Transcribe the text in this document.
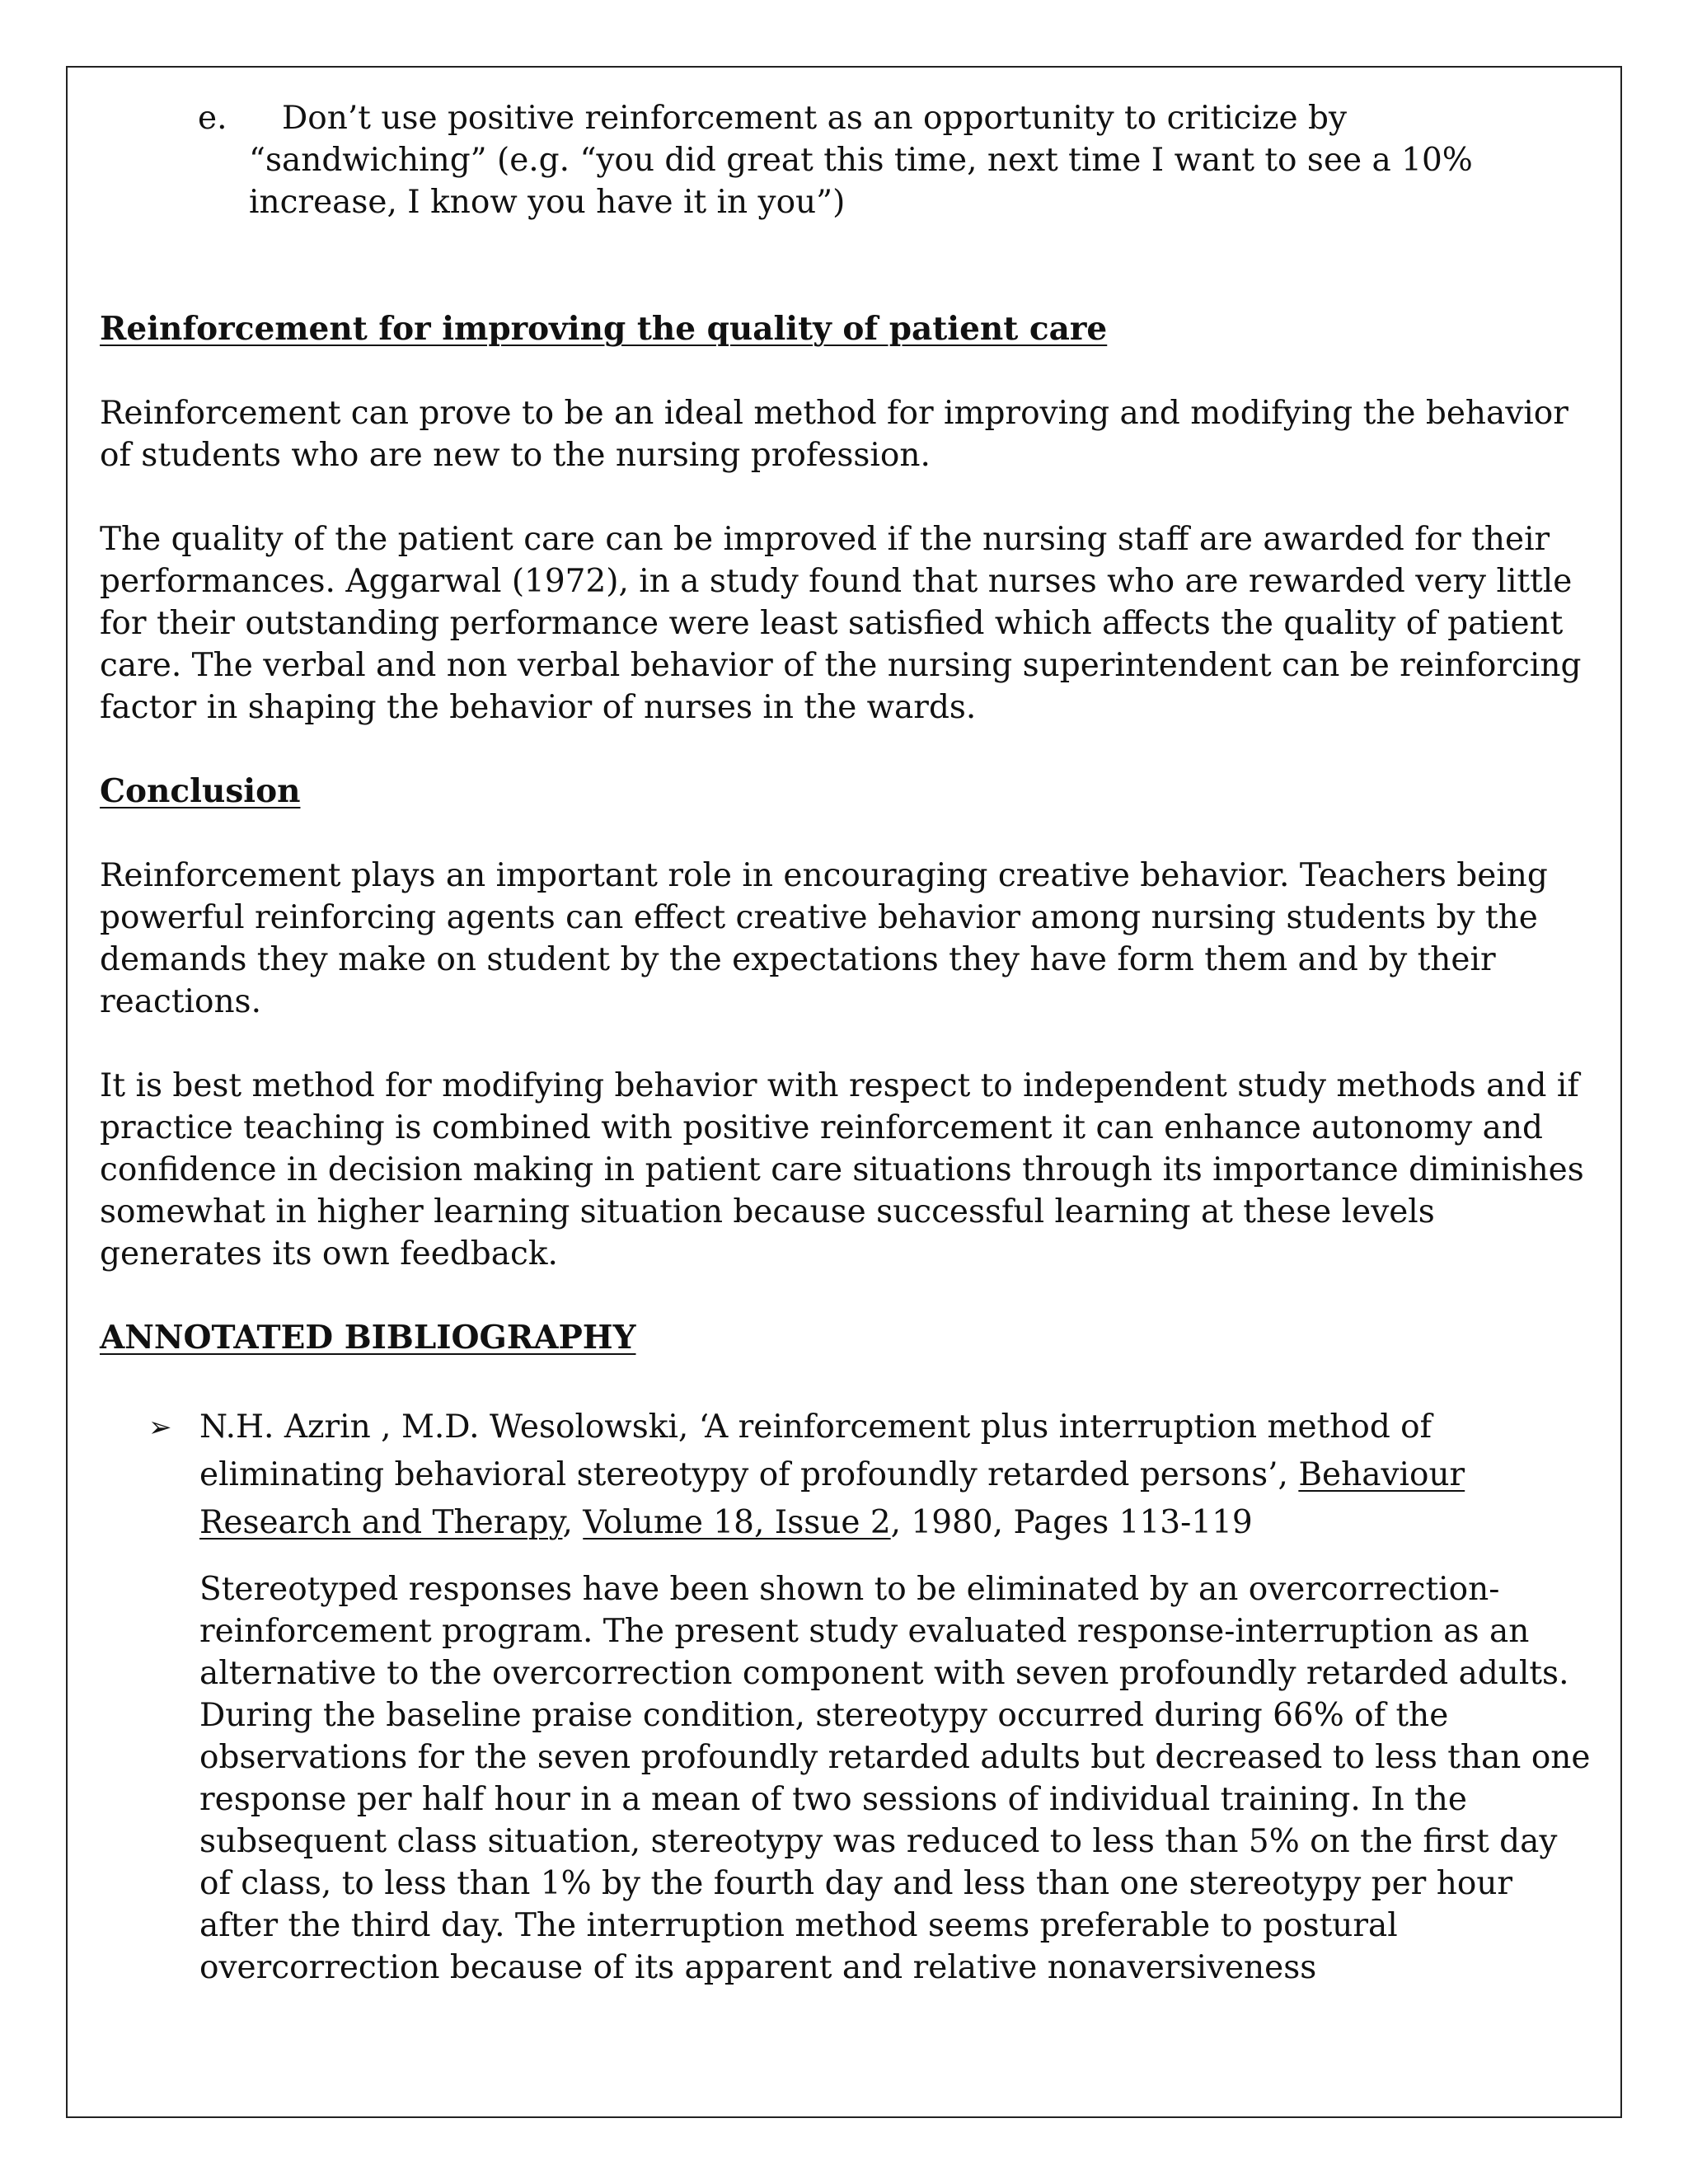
e.	Don’t use positive reinforcement as an opportunity to criticize by “sandwiching” (e.g. “you did great this time, next time I want to see a 10% increase, I know you have it in you”)

Reinforcement for improving the quality of patient care

Reinforcement can prove to be an ideal method for improving and modifying the behavior of students who are new to the nursing profession.

The quality of the patient care can be improved if the nursing staff are awarded for their performances. Aggarwal (1972), in a study found that nurses who are rewarded very little for their outstanding performance were least satisfied which affects the quality of patient care. The verbal and non verbal behavior of the nursing superintendent can be reinforcing factor in shaping the behavior of nurses in the wards.

Conclusion

Reinforcement plays an important role in encouraging creative behavior. Teachers being powerful reinforcing agents can effect creative behavior among nursing students by the demands they make on student by the expectations they have form them and by their reactions.

It is best method for modifying behavior with respect to independent study methods and if practice teaching is combined with positive reinforcement it can enhance autonomy and confidence in decision making in patient care situations through its importance diminishes somewhat in higher learning situation because successful learning at these levels generates its own feedback.

ANNOTATED BIBLIOGRAPHY

➢ N.H. Azrin , M.D. Wesolowski, ‘A reinforcement plus interruption method of eliminating behavioral stereotypy of profoundly retarded persons’, Behaviour Research and Therapy, Volume 18, Issue 2, 1980, Pages 113-119

Stereotyped responses have been shown to be eliminated by an overcorrection-reinforcement program. The present study evaluated response-interruption as an alternative to the overcorrection component with seven profoundly retarded adults. During the baseline praise condition, stereotypy occurred during 66% of the observations for the seven profoundly retarded adults but decreased to less than one response per half hour in a mean of two sessions of individual training. In the subsequent class situation, stereotypy was reduced to less than 5% on the first day of class, to less than 1% by the fourth day and less than one stereotypy per hour after the third day. The interruption method seems preferable to postural overcorrection because of its apparent and relative nonaversiveness
